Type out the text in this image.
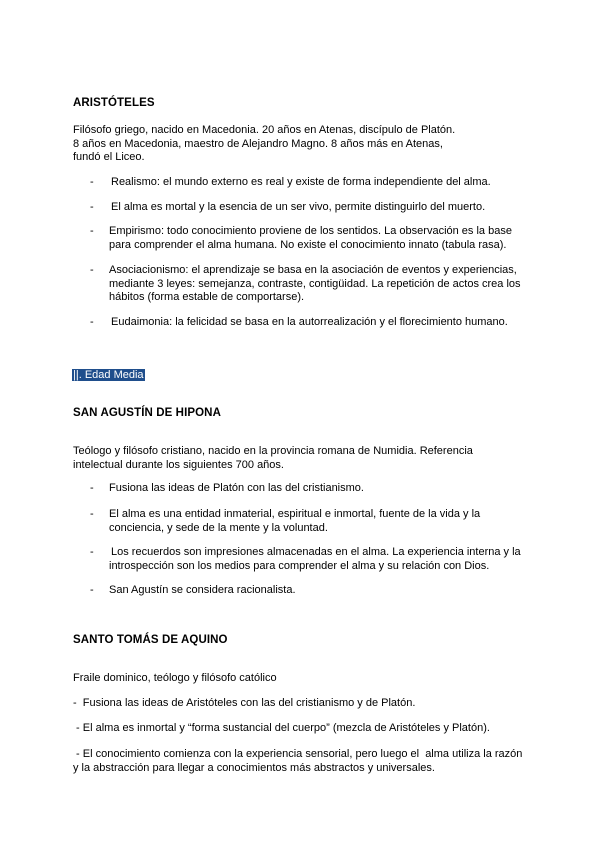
ARISTÓTELES
Filósofo griego, nacido en Macedonia. 20 años en Atenas, discípulo de Platón.
8 años en Macedonia, maestro de Alejandro Magno. 8 años más en Atenas,
fundó el Liceo.
- Realismo: el mundo externo es real y existe de forma independiente del alma.
- El alma es mortal y la esencia de un ser vivo, permite distinguirlo del muerto.
- Empirismo: todo conocimiento proviene de los sentidos. La observación es la base
para comprender el alma humana. No existe el conocimiento innato (tabula rasa).
- Asociacionismo: el aprendizaje se basa en la asociación de eventos y experiencias,
mediante 3 leyes: semejanza, contraste, contigüidad. La repetición de actos crea los
hábitos (forma estable de comportarse).
- Eudaimonia: la felicidad se basa en la autorrealización y el florecimiento humano.
||. Edad Media
SAN AGUSTÍN DE HIPONA
Teólogo y filósofo cristiano, nacido en la provincia romana de Numidia. Referencia
intelectual durante los siguientes 700 años.
- Fusiona las ideas de Platón con las del cristianismo.
- El alma es una entidad inmaterial, espiritual e inmortal, fuente de la vida y la
conciencia, y sede de la mente y la voluntad.
- Los recuerdos son impresiones almacenadas en el alma. La experiencia interna y la
introspección son los medios para comprender el alma y su relación con Dios.
- San Agustín se considera racionalista.
SANTO TOMÁS DE AQUINO
Fraile dominico, teólogo y filósofo católico
-  Fusiona las ideas de Aristóteles con las del cristianismo y de Platón.
- El alma es inmortal y “forma sustancial del cuerpo” (mezcla de Aristóteles y Platón).
- El conocimiento comienza con la experiencia sensorial, pero luego el  alma utiliza la razón
y la abstracción para llegar a conocimientos más abstractos y universales.
